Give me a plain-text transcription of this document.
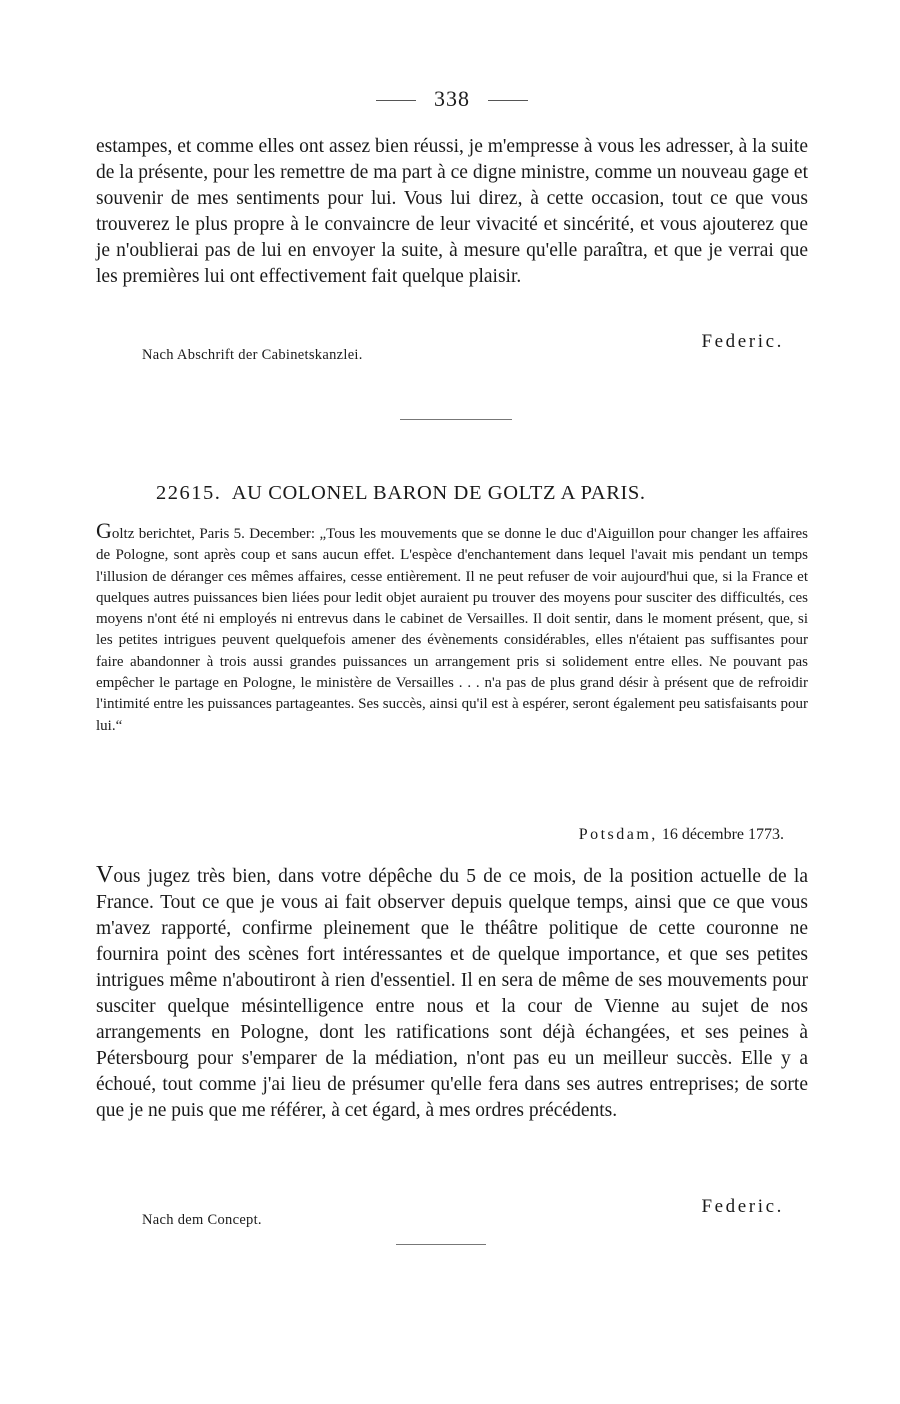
338

estampes, et comme elles ont assez bien réussi, je m'empresse à vous les adresser, à la suite de la présente, pour les remettre de ma part à ce digne ministre, comme un nouveau gage et souvenir de mes sentiments pour lui. Vous lui direz, à cette occasion, tout ce que vous trouverez le plus propre à le convaincre de leur vivacité et sincérité, et vous ajouterez que je n'oublierai pas de lui en envoyer la suite, à mesure qu'elle paraîtra, et que je verrai que les premières lui ont effectivement fait quelque plaisir.

Federic.

Nach Abschrift der Cabinetskanzlei.

22615. AU COLONEL BARON DE GOLTZ A PARIS.

Goltz berichtet, Paris 5. December: „Tous les mouvements que se donne le duc d'Aiguillon pour changer les affaires de Pologne, sont après coup et sans aucun effet. L'espèce d'enchantement dans lequel l'avait mis pendant un temps l'illusion de déranger ces mêmes affaires, cesse entièrement. Il ne peut refuser de voir aujourd'hui que, si la France et quelques autres puissances bien liées pour ledit objet auraient pu trouver des moyens pour susciter des difficultés, ces moyens n'ont été ni employés ni entrevus dans le cabinet de Versailles. Il doit sentir, dans le moment présent, que, si les petites intrigues peuvent quelquefois amener des évènements considérables, elles n'étaient pas suffisantes pour faire abandonner à trois aussi grandes puissances un arrangement pris si solidement entre elles. Ne pouvant pas empêcher le partage en Pologne, le ministère de Versailles . . . n'a pas de plus grand désir à présent que de refroidir l'intimité entre les puissances partageantes. Ses succès, ainsi qu'il est à espérer, seront également peu satisfaisants pour lui.“

Potsdam, 16 décembre 1773.

Vous jugez très bien, dans votre dépêche du 5 de ce mois, de la position actuelle de la France. Tout ce que je vous ai fait observer depuis quelque temps, ainsi que ce que vous m'avez rapporté, confirme pleinement que le théâtre politique de cette couronne ne fournira point des scènes fort intéressantes et de quelque importance, et que ses petites intrigues même n'aboutiront à rien d'essentiel. Il en sera de même de ses mouvements pour susciter quelque mésintelligence entre nous et la cour de Vienne au sujet de nos arrangements en Pologne, dont les ratifications sont déjà échangées, et ses peines à Pétersbourg pour s'emparer de la médiation, n'ont pas eu un meilleur succès. Elle y a échoué, tout comme j'ai lieu de présumer qu'elle fera dans ses autres entreprises; de sorte que je ne puis que me référer, à cet égard, à mes ordres précédents.

Federic.

Nach dem Concept.
